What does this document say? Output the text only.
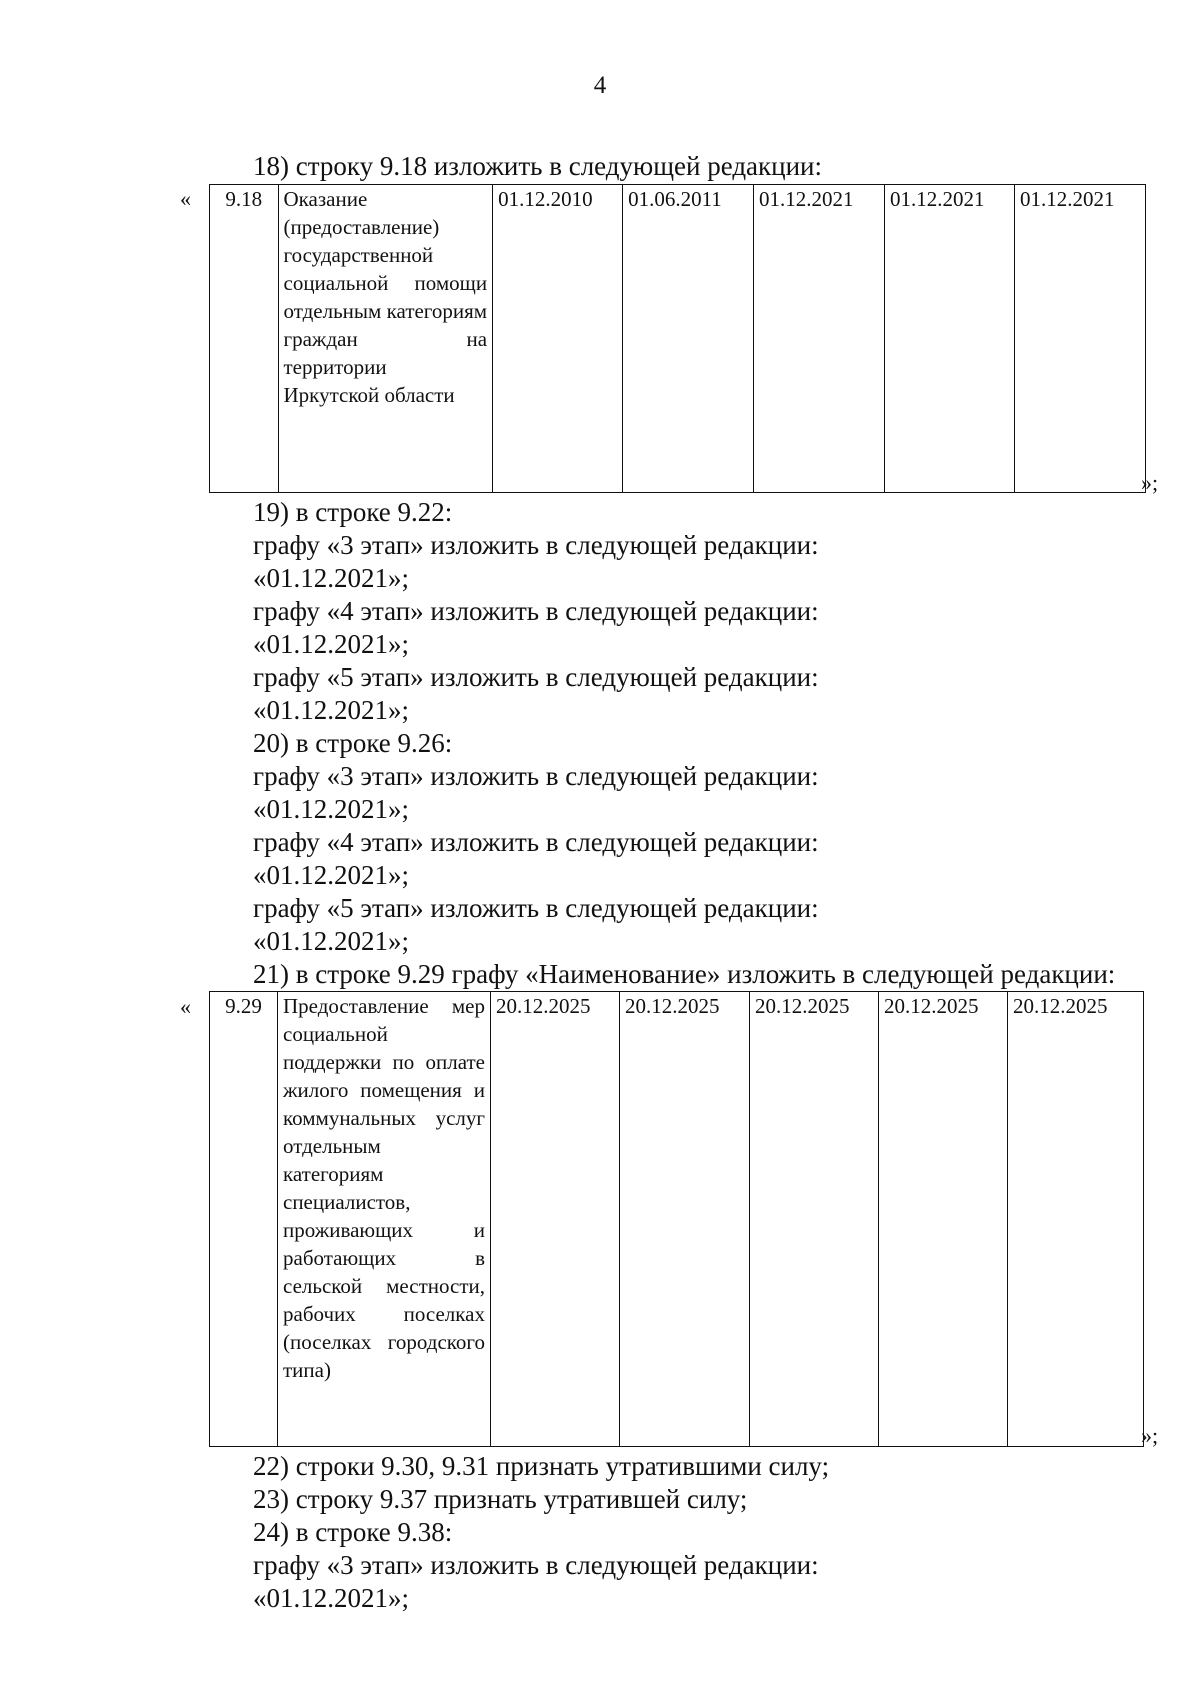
4
18) строку 9.18 изложить в следующей редакции:
« 9.18	Оказание (предоставление) государственной социальной помощи отдельным категориям граждан на территории Иркутской области	01.12.2010	01.06.2011	01.12.2021	01.12.2021	01.12.2021
»;
19) в строке 9.22:
графу «3 этап» изложить в следующей редакции:
«01.12.2021»;
графу «4 этап» изложить в следующей редакции:
«01.12.2021»;
графу «5 этап» изложить в следующей редакции:
«01.12.2021»;
20) в строке 9.26:
графу «3 этап» изложить в следующей редакции:
«01.12.2021»;
графу «4 этап» изложить в следующей редакции:
«01.12.2021»;
графу «5 этап» изложить в следующей редакции:
«01.12.2021»;
21) в строке 9.29 графу «Наименование» изложить в следующей редакции:
« 9.29	Предоставление мер социальной поддержки по оплате жилого помещения и коммунальных услуг отдельным категориям специалистов, проживающих и работающих в сельской местности, рабочих поселках (поселках городского типа)	20.12.2025	20.12.2025	20.12.2025	20.12.2025	20.12.2025
»;
22) строки 9.30, 9.31 признать утратившими силу;
23) строку 9.37 признать утратившей силу;
24) в строке 9.38:
графу «3 этап» изложить в следующей редакции:
«01.12.2021»;
